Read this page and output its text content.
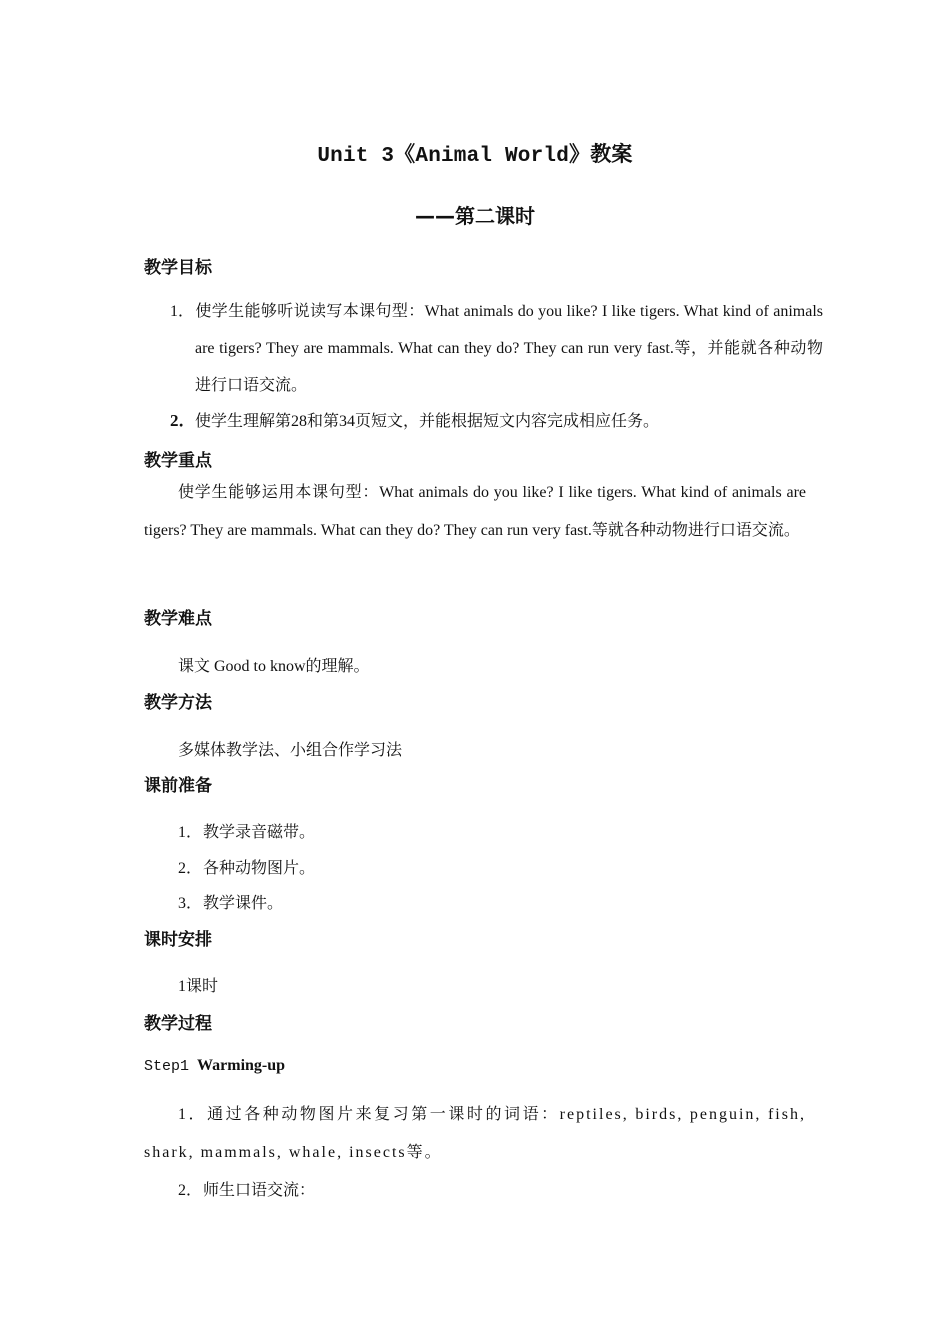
Unit 3《Animal World》教案
——第二课时
教学目标
1．使学生能够听说读写本课句型：What animals do you like? I like tigers. What kind of animals are tigers? They are mammals. What can they do? They can run very fast.等，并能就各种动物进行口语交流。
2．使学生理解第28和第34页短文，并能根据短文内容完成相应任务。
教学重点
使学生能够运用本课句型：What animals do you like? I like tigers. What kind of animals are tigers? They are mammals. What can they do? They can run very fast.等就各种动物进行口语交流。
教学难点
课文 Good to know的理解。
教学方法
多媒体教学法、小组合作学习法
课前准备
1．教学录音磁带。
2．各种动物图片。
3．教学课件。
课时安排
1课时
教学过程
Step1 Warming-up
1．通过各种动物图片来复习第一课时的词语：reptiles, birds, penguin, fish, shark, mammals, whale, insects等。
2．师生口语交流：
